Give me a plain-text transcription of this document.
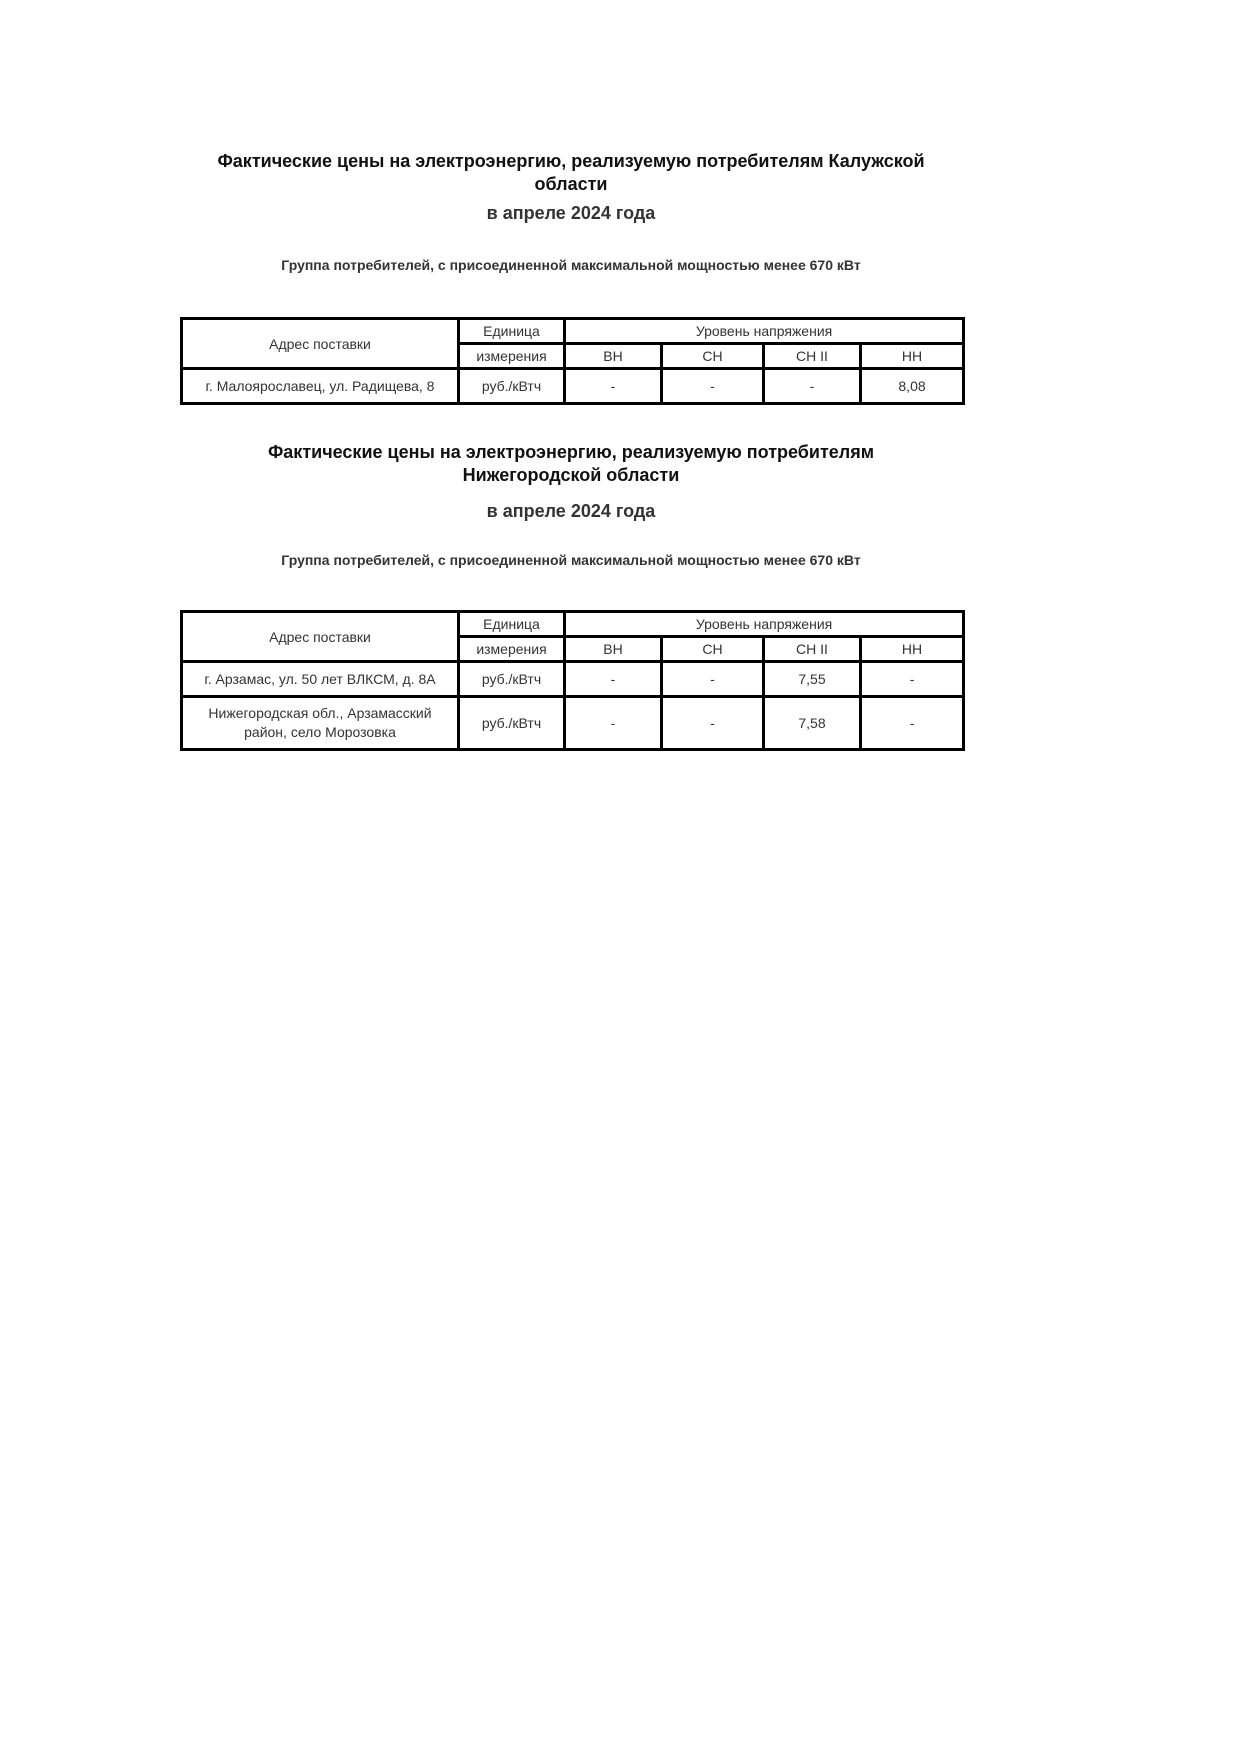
Фактические цены на электроэнергию, реализуемую потребителям Калужской области

в апреле 2024 года

Группа потребителей, с присоединенной максимальной мощностью менее 670 кВт

Адрес поставки	Единица	Уровень напряжения			
	измерения	ВН	СН	СН II	НН
г. Малоярославец, ул. Радищева, 8	руб./кВтч	-	-	-	8,08

Фактические цены на электроэнергию, реализуемую потребителям

Нижегородской области

в апреле 2024 года

Группа потребителей, с присоединенной максимальной мощностью менее 670 кВт

Адрес поставки	Единица	Уровень напряжения			
	измерения	ВН	СН	СН II	НН
г. Арзамас, ул. 50 лет ВЛКСМ, д. 8А	руб./кВтч	-	-	7,55	-
Нижегородская обл., Арзамасский район, село Морозовка	руб./кВтч	-	-	7,58	-
